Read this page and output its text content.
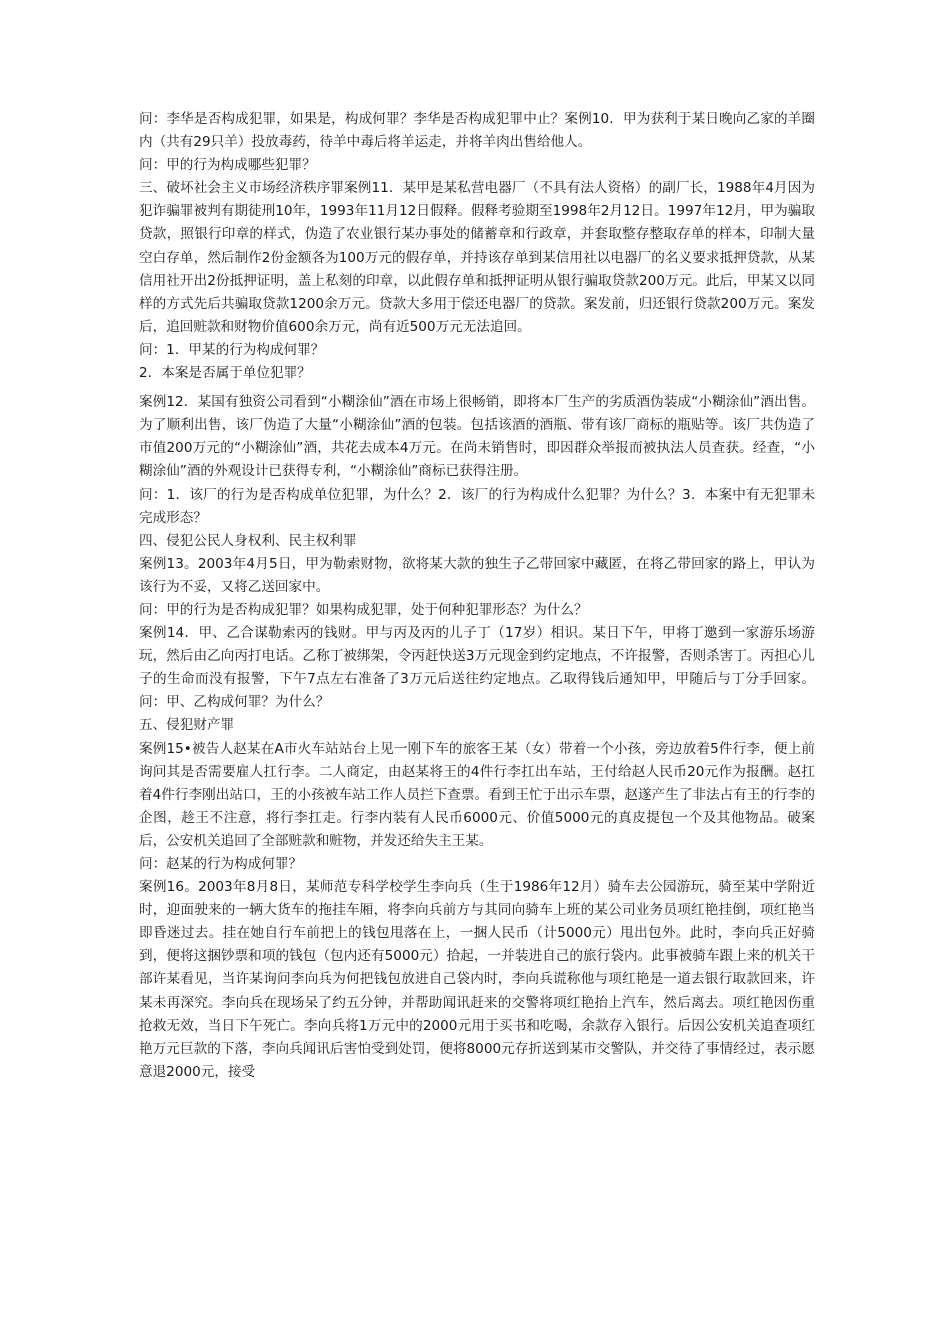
问：李华是否构成犯罪，如果是，构成何罪？李华是否构成犯罪中止？案例10．甲为获利于某日晚向乙家的羊圈内（共有29只羊）投放毒药，待羊中毒后将羊运走，并将羊肉出售给他人。

问：甲的行为构成哪些犯罪？

三、破坏社会主义市场经济秩序罪案例11．某甲是某私营电器厂（不具有法人资格）的副厂长，1988年4月因为犯诈骗罪被判有期徒刑10年，1993年11月12日假释。假释考验期至1998年2月12日。1997年12月，甲为骗取贷款，照银行印章的样式，伪造了农业银行某办事处的储蓄章和行政章，并套取整存整取存单的样本，印制大量空白存单，然后制作2份金额各为100万元的假存单，并持该存单到某信用社以电器厂的名义要求抵押贷款，从某信用社开出2份抵押证明，盖上私刻的印章，以此假存单和抵押证明从银行骗取贷款200万元。此后，甲某又以同样的方式先后共骗取贷款1200余万元。贷款大多用于偿还电器厂的贷款。案发前，归还银行贷款200万元。案发后，追回赃款和财物价值600余万元，尚有近500万元无法追回。

问：1．甲某的行为构成何罪？

2．本案是否属于单位犯罪？

案例12．某国有独资公司看到“小糊涂仙”酒在市场上很畅销，即将本厂生产的劣质酒伪装成“小糊涂仙”酒出售。为了顺利出售，该厂伪造了大量“小糊涂仙”酒的包装。包括该酒的酒瓶、带有该厂商标的瓶贴等。该厂共伪造了市值200万元的“小糊涂仙”酒，共花去成本4万元。在尚未销售时，即因群众举报而被执法人员查获。经查，“小糊涂仙”酒的外观设计已获得专利，“小糊涂仙”商标已获得注册。

问：1．该厂的行为是否构成单位犯罪，为什么？2．该厂的行为构成什么犯罪？为什么？3．本案中有无犯罪未完成形态？

四、侵犯公民人身权利、民主权利罪

案例13。2003年4月5日，甲为勒索财物，欲将某大款的独生子乙带回家中藏匿，在将乙带回家的路上，甲认为该行为不妥，又将乙送回家中。

问：甲的行为是否构成犯罪？如果构成犯罪，处于何种犯罪形态？为什么？

案例14．甲、乙合谋勒索丙的钱财。甲与丙及丙的儿子丁（17岁）相识。某日下午，甲将丁邀到一家游乐场游玩，然后由乙向丙打电话。乙称丁被绑架，令丙赶快送3万元现金到约定地点，不许报警，否则杀害丁。丙担心儿子的生命而没有报警，下午7点左右准备了3万元后送往约定地点。乙取得钱后通知甲，甲随后与丁分手回家。问：甲、乙构成何罪？为什么？

五、侵犯财产罪

案例15•被告人赵某在A市火车站站台上见一刚下车的旅客王某（女）带着一个小孩，旁边放着5件行李，便上前询问其是否需要雇人扛行李。二人商定，由赵某将王的4件行李扛出车站，王付给赵人民币20元作为报酬。赵扛着4件行李刚出站口，王的小孩被车站工作人员拦下查票。看到王忙于出示车票，赵遂产生了非法占有王的行李的企图，趁王不注意，将行李扛走。行李内装有人民币6000元、价值5000元的真皮提包一个及其他物品。破案后，公安机关追回了全部赃款和赃物，并发还给失主王某。

问：赵某的行为构成何罪？

案例16。2003年8月8日，某师范专科学校学生李向兵（生于1986年12月）骑车去公园游玩，骑至某中学附近时，迎面驶来的一辆大货车的拖挂车厢，将李向兵前方与其同向骑车上班的某公司业务员项红艳挂倒，项红艳当即昏迷过去。挂在她自行车前把上的钱包甩落在上，一捆人民币（计5000元）甩出包外。此时，李向兵正好骑到，便将这捆钞票和项的钱包（包内还有5000元）拾起，一并装进自己的旅行袋内。此事被骑车跟上来的机关干部许某看见，当许某询问李向兵为何把钱包放进自己袋内时，李向兵谎称他与项红艳是一道去银行取款回来，许某未再深究。李向兵在现场呆了约五分钟，并帮助闻讯赶来的交警将项红艳抬上汽车，然后离去。项红艳因伤重抢救无效，当日下午死亡。李向兵将1万元中的2000元用于买书和吃喝，余款存入银行。后因公安机关追查项红艳万元巨款的下落，李向兵闻讯后害怕受到处罚，便将8000元存折送到某市交警队，并交待了事情经过，表示愿意退2000元，接受
